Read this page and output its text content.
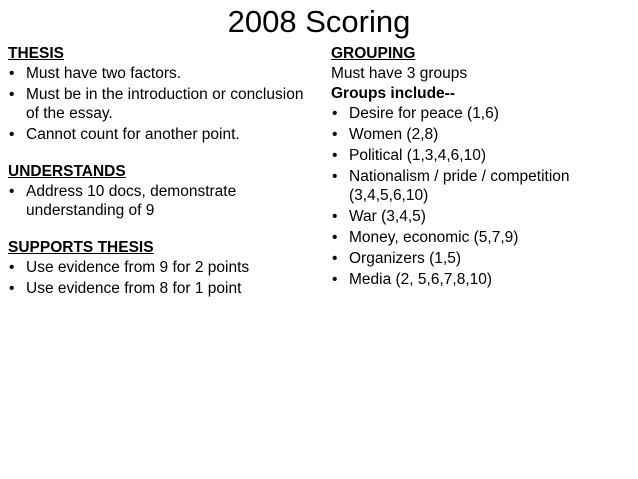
2008 Scoring
THESIS
• Must have two factors.
• Must be in the introduction or conclusion of the essay.
• Cannot count for another point.
UNDERSTANDS
• Address 10 docs, demonstrate understanding of 9
SUPPORTS THESIS
• Use evidence from 9 for 2 points
• Use evidence from 8 for 1 point
GROUPING
Must have 3 groups
Groups include--
• Desire for peace (1,6)
• Women (2,8)
• Political (1,3,4,6,10)
• Nationalism / pride / competition (3,4,5,6,10)
• War (3,4,5)
• Money, economic (5,7,9)
• Organizers (1,5)
• Media (2, 5,6,7,8,10)
